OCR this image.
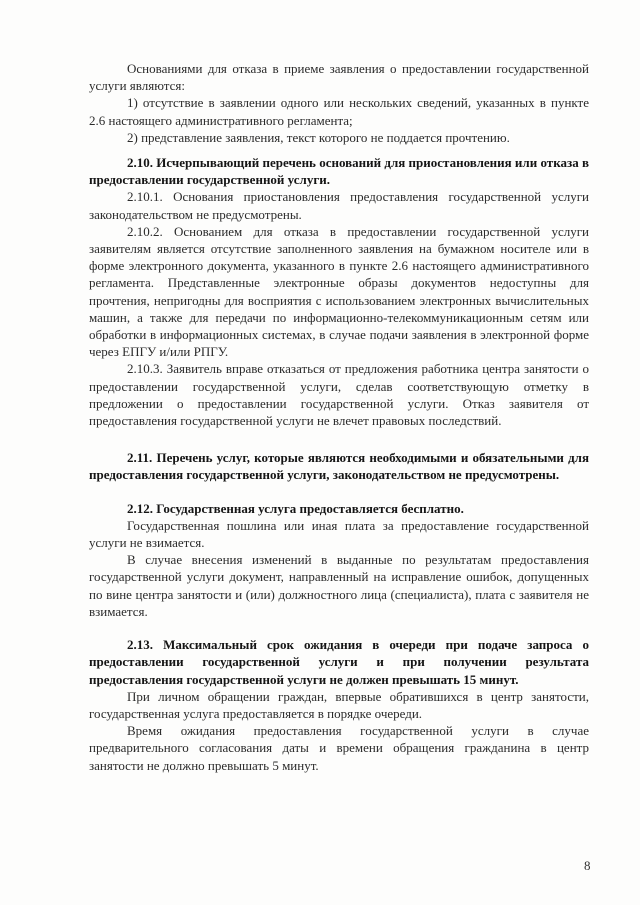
Основаниями для отказа в приеме заявления о предоставлении государственной услуги являются:

1) отсутствие в заявлении одного или нескольких сведений, указанных в пункте 2.6 настоящего административного регламента;

2) представление заявления, текст которого не поддается прочтению.

2.10. Исчерпывающий перечень оснований для приостановления или отказа в предоставлении государственной услуги.

2.10.1. Основания приостановления предоставления государственной услуги законодательством не предусмотрены.

2.10.2. Основанием для отказа в предоставлении государственной услуги заявителям является отсутствие заполненного заявления на бумажном носителе или в форме электронного документа, указанного в пункте 2.6 настоящего административного регламента. Представленные электронные образы документов недоступны для прочтения, непригодны для восприятия с использованием электронных вычислительных машин, а также для передачи по информационно-телекоммуникационным сетям или обработки в информационных системах, в случае подачи заявления в электронной форме через ЕПГУ и/или РПГУ.

2.10.3. Заявитель вправе отказаться от предложения работника центра занятости о предоставлении государственной услуги, сделав соответствующую отметку в предложении о предоставлении государственной услуги. Отказ заявителя от предоставления государственной услуги не влечет правовых последствий.

2.11. Перечень услуг, которые являются необходимыми и обязательными для предоставления государственной услуги, законодательством не предусмотрены.

2.12. Государственная услуга предоставляется бесплатно.

Государственная пошлина или иная плата за предоставление государственной услуги не взимается.

В случае внесения изменений в выданные по результатам предоставления государственной услуги документ, направленный на исправление ошибок, допущенных по вине центра занятости и (или) должностного лица (специалиста), плата с заявителя не взимается.

2.13. Максимальный срок ожидания в очереди при подаче запроса о предоставлении государственной услуги и при получении результата предоставления государственной услуги не должен превышать 15 минут.

При личном обращении граждан, впервые обратившихся в центр занятости, государственная услуга предоставляется в порядке очереди.

Время ожидания предоставления государственной услуги в случае предварительного согласования даты и времени обращения гражданина в центр занятости не должно превышать 5 минут.

8
